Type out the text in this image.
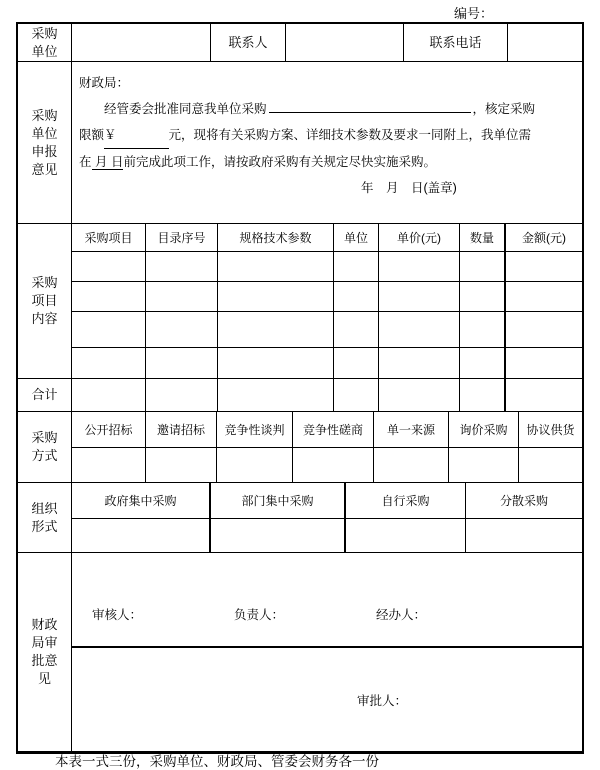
编号：
采购单位
联系人	联系电话
采购单位申报意见

财政局：

经管委会批准同意我单位采购	，核定采购

限额￥	元，现将有关采购方案、详细技术参数及要求一同附上，我单位需

在 月 日前完成此项工作，请按政府采购有关规定尽快实施采购。

年　月　日(盖章)

采购项目内容
采购项目	目录序号	规格技术参数	单位	单价(元)	数量	金额(元)
合计
采购方式
公开招标	邀请招标	竞争性谈判	竞争性磋商	单一来源	询价采购	协议供货
组织形式
政府集中采购	部门集中采购	自行采购	分散采购
财政局审批意见
审核人：	负责人：	经办人：
审批人：
本表一式三份，采购单位、财政局、管委会财务各一份
